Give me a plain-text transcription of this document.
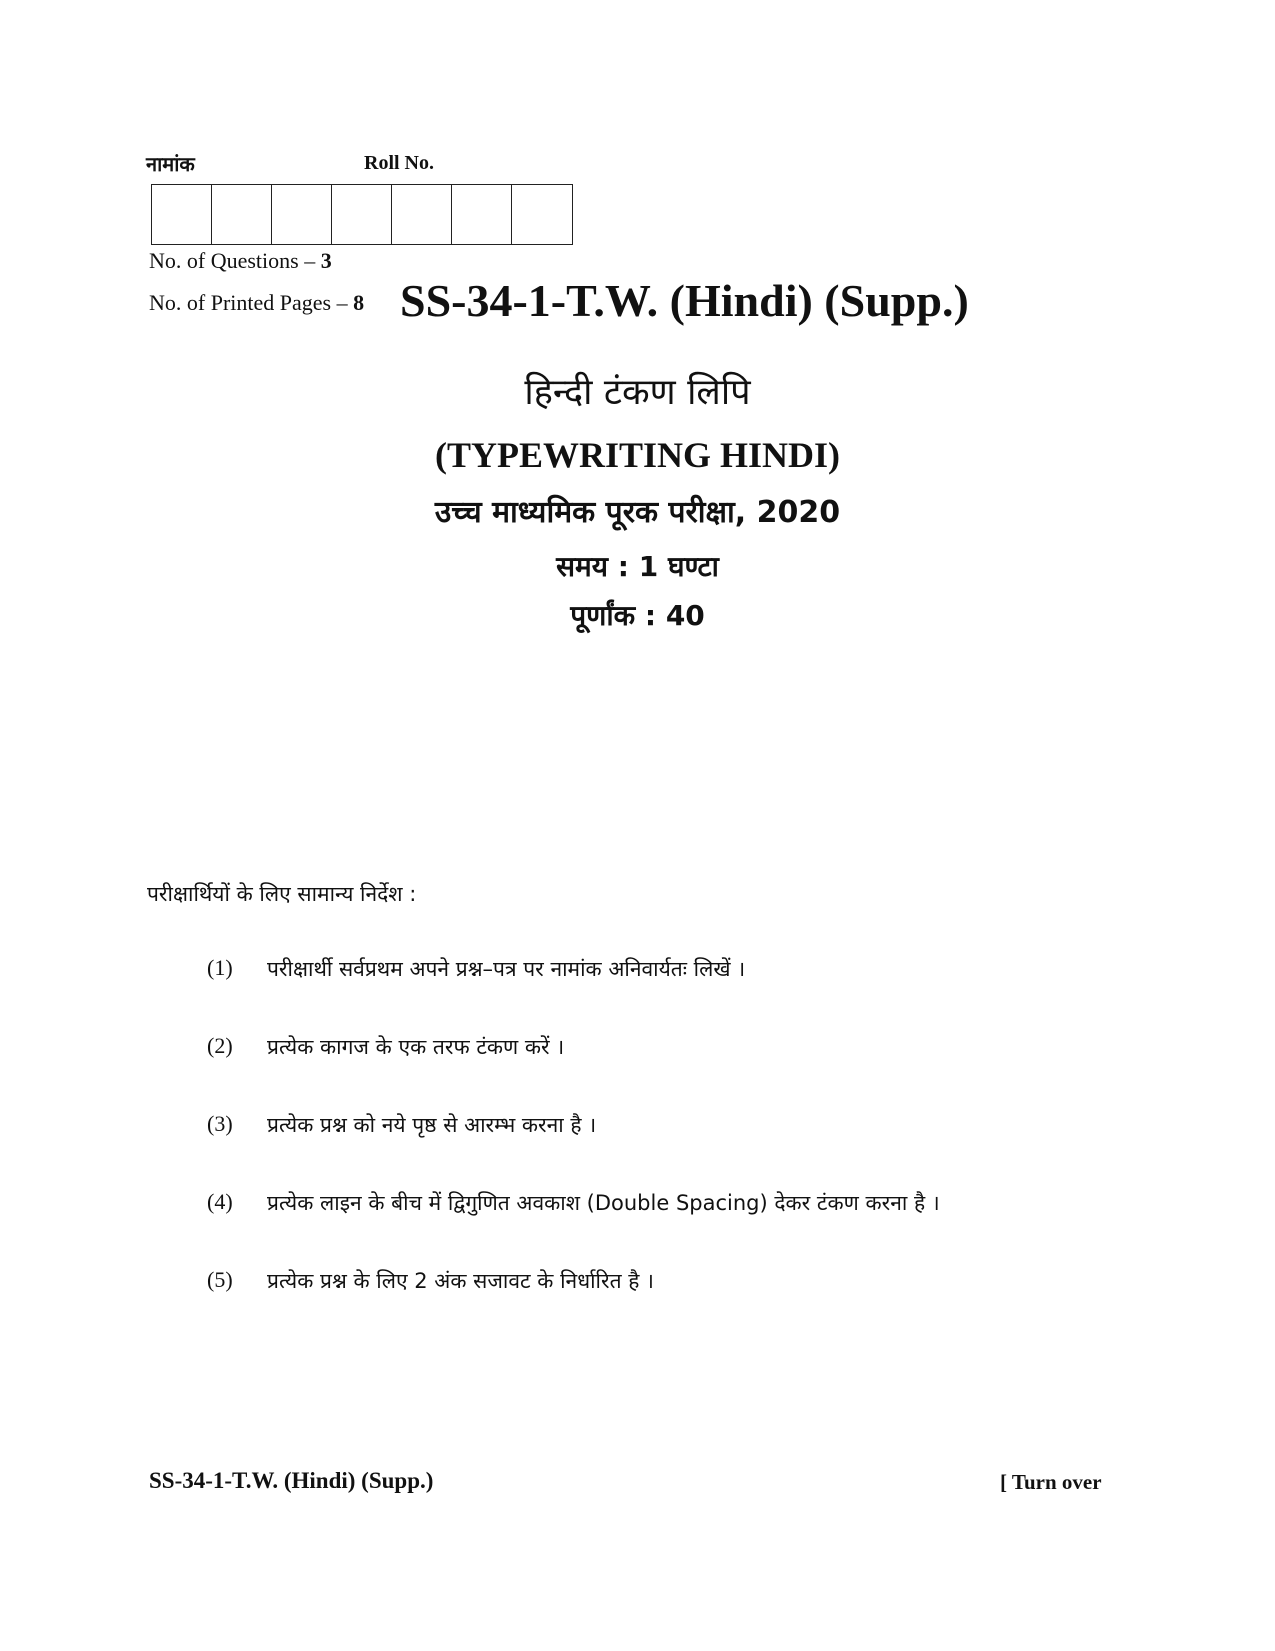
नामांक	Roll No.
No. of Questions – 3
No. of Printed Pages – 8 SS-34-1-T.W. (Hindi) (Supp.)
हिन्दी टंकण लिपि
(TYPEWRITING HINDI)
उच्च माध्यमिक पूरक परीक्षा, 2020
समय : 1 घण्टा
पूर्णांक : 40
परीक्षार्थियों के लिए सामान्य निर्देश :
(1)	परीक्षार्थी सर्वप्रथम अपने प्रश्न–पत्र पर नामांक अनिवार्यतः लिखें ।
(2)	प्रत्येक कागज के एक तरफ टंकण करें ।
(3)	प्रत्येक प्रश्न को नये पृष्ठ से आरम्भ करना है ।
(4)	प्रत्येक लाइन के बीच में द्विगुणित अवकाश (Double Spacing) देकर टंकण करना है ।
(5)	प्रत्येक प्रश्न के लिए 2 अंक सजावट के निर्धारित है ।
SS-34-1-T.W. (Hindi) (Supp.)	[ Turn over
